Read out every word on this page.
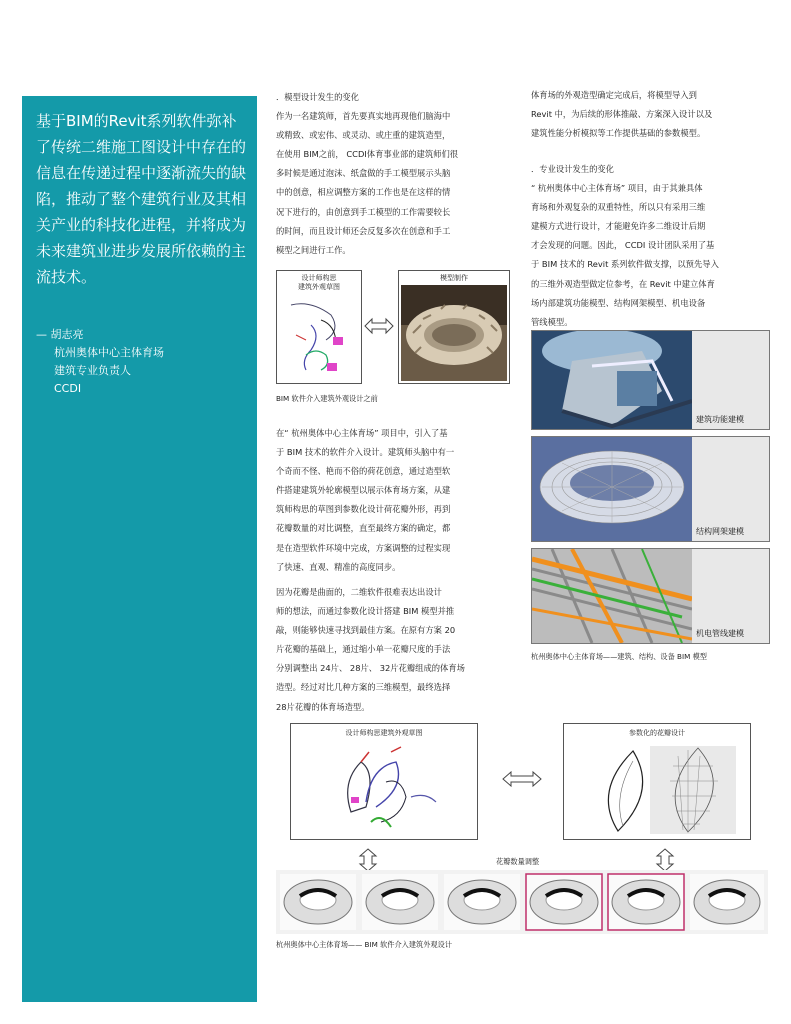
基于BIM的Revit系列软件弥补了传统二维施工图设计中存在的信息在传递过程中逐渐流失的缺陷，推动了整个建筑行业及其相关产业的科技化进程，并将成为未来建筑业进步发展所依赖的主流技术。
— 胡志亮
杭州奥体中心主体育场
建筑专业负责人
CCDI
．模型设计发生的变化
作为一名建筑师，首先要真实地再现他们脑海中
或精致、或宏伟、或灵动、或庄重的建筑造型，
在使用 BIM之前， CCDI体育事业部的建筑师们很
多时候是通过泡沫、纸盒做的手工模型展示头脑
中的创意，相应调整方案的工作也是在这样的情
况下进行的，由创意到手工模型的工作需要较长
的时间，而且设计师还会反复多次在创意和手工
模型之间进行工作。
设计师构思
建筑外观草图
模型制作
BIM 软件介入建筑外观设计之前
在“ 杭州奥体中心主体育场” 项目中，引入了基
于 BIM 技术的软件介入设计。建筑师头脑中有一
个奇而不怪、艳而不俗的荷花创意，通过造型软
件搭建建筑外轮廓模型以展示体育场方案，从建
筑师构思的草图到参数化设计荷花瓣外形，再到
花瓣数量的对比调整，直至最终方案的确定，都
是在造型软件环境中完成，方案调整的过程实现
了快速、直观、精准的高度同步。
因为花瓣是曲面的，二维软件很难表达出设计
师的想法，而通过参数化设计搭建 BIM 模型并推
敲，则能够快速寻找到最佳方案。在原有方案 20
片花瓣的基础上，通过缩小单一花瓣尺度的手法
分别调整出 24片、 28片、 32片花瓣组成的体育场
造型。经过对比几种方案的三维模型，最终选择
28片花瓣的体育场造型。
体育场的外观造型确定完成后，将模型导入到
Revit 中，为后续的形体推敲、方案深入设计以及
建筑性能分析模拟等工作提供基础的参数模型。
．专业设计发生的变化
“ 杭州奥体中心主体育场” 项目，由于其兼具体
育场和外观复杂的双重特性，所以只有采用三维
建模方式进行设计，才能避免许多二维设计后期
才会发现的问题。因此， CCDI 设计团队采用了基
于 BIM 技术的 Revit 系列软件做支撑，以预先导入
的三维外观造型做定位参考，在 Revit 中建立体育
场内部建筑功能模型、结构网架模型、机电设备
管线模型。
建筑功能建模
结构网架建模
机电管线建模
杭州奥体中心主体育场——建筑、结构、设备 BIM 模型
设计师构思建筑外观草图	参数化的花瓣设计
花瓣数量调整
杭州奥体中心主体育场—— BIM 软件介入建筑外观设计
